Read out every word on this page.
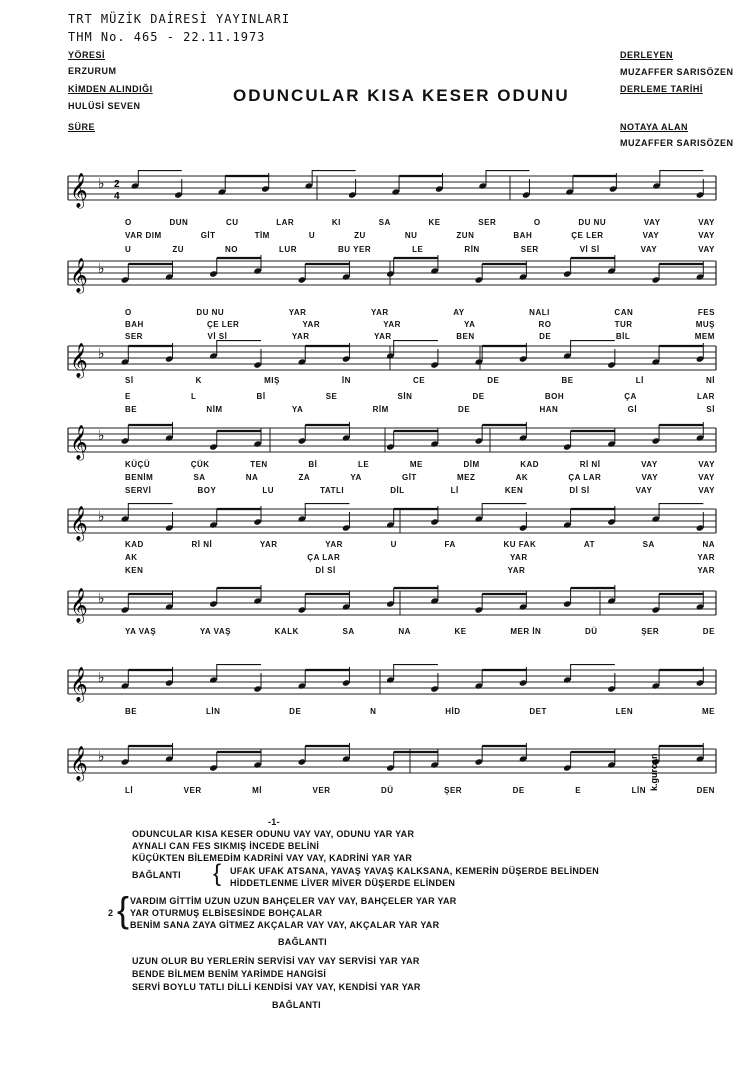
TRT MÜZİK DAİRESİ YAYINLARI
THM No. 465 - 22.11.1973
YÖRESİ
ERZURUM
KİMDEN ALINDIĞI
HULÜSİ SEVEN
SÜRE
DERLEYEN
MUZAFFER SARISÖZEN
DERLEME TARİHİ
NOTAYA ALAN
MUZAFFER SARISÖZEN
ODUNCULAR KISA KESER ODUNU
𝄞 ♭ 2
4
𝄞 ♭
𝄞 ♭
𝄞 ♭
𝄞 ♭
𝄞 ♭
𝄞 ♭
𝄞 ♭
O	DUN	CU	LAR	KI	SA	KE	SER	O	DU NU	VAY	VAY
VAR DIM	GİT	TİM	U	ZU	NU	ZUN	BAH	ÇE LER	VAY	VAY
U	ZU	NO	LUR	BU YER	LE	RİN	SER	Vİ Sİ	VAY	VAY
O	DU NU	YAR	YAR	AY	NALI	CAN	FES
BAH	ÇE LER	YAR	YAR	YA	RO	TUR	MUŞ
SER	Vİ Sİ	YAR	YAR	BEN	DE	BİL	MEM
Sİ	K	MIŞ	İN	CE	DE	BE	Lİ	Nİ
E	L	Bİ	SE	SİN	DE	BOH	ÇA	LAR
BE	NİM	YA	RİM	DE	HAN	Gİ	Sİ
KÜÇÜ	ÇÜK	TEN	Bİ	LE	ME	DİM	KAD	Rİ Nİ	VAY	VAY
BENİM	SA	NA	ZA	YA	GİT	MEZ	AK	ÇA LAR	VAY	VAY
SERVİ	BOY	LU	TATLI	DİL	Lİ	KEN	Dİ Sİ	VAY	VAY
KAD	Rİ Nİ	YAR	YAR	U	FA	KU FAK	AT	SA	NA
AK	ÇA LAR	YAR	YAR
KEN	Dİ Sİ	YAR	YAR
YA VAŞ	YA VAŞ	KALK	SA	NA	KE	MER İN	DÜ	ŞER	DE
BE	LİN	DE	N	HİD	DET	LEN	ME
Lİ	VER	Mİ	VER	DÜ	ŞER	DE	E	LİN	DEN
k.gurcan
-1-
ODUNCULAR KISA KESER ODUNU VAY VAY, ODUNU YAR YAR
AYNALI CAN FES SIKMIŞ İNCEDE BELİNİ
KÜÇÜKTEN BİLEMEDİM KADRİNİ VAY VAY, KADRİNİ YAR YAR
BAĞLANTI { UFAK UFAK ATSANA, YAVAŞ YAVAŞ KALKSANA, KEMERİN DÜŞERDE BELİNDEN
HİDDETLENME LİVER MİVER DÜŞERDE ELİNDEN
2 { VARDIM GİTTİM UZUN UZUN BAHÇELER VAY VAY, BAHÇELER YAR YAR
YAR OTURMUŞ ELBİSESİNDE BOHÇALAR
BENİM SANA ZAYA GİTMEZ AKÇALAR VAY VAY, AKÇALAR YAR YAR
BAĞLANTI
UZUN OLUR BU YERLERİN SERVİSİ VAY VAY SERVİSİ YAR YAR
BENDE BİLMEM BENİM YARİMDE HANGİSİ
SERVİ BOYLU TATLI DİLLİ KENDİSİ VAY VAY, KENDİSİ YAR YAR
BAĞLANTI
